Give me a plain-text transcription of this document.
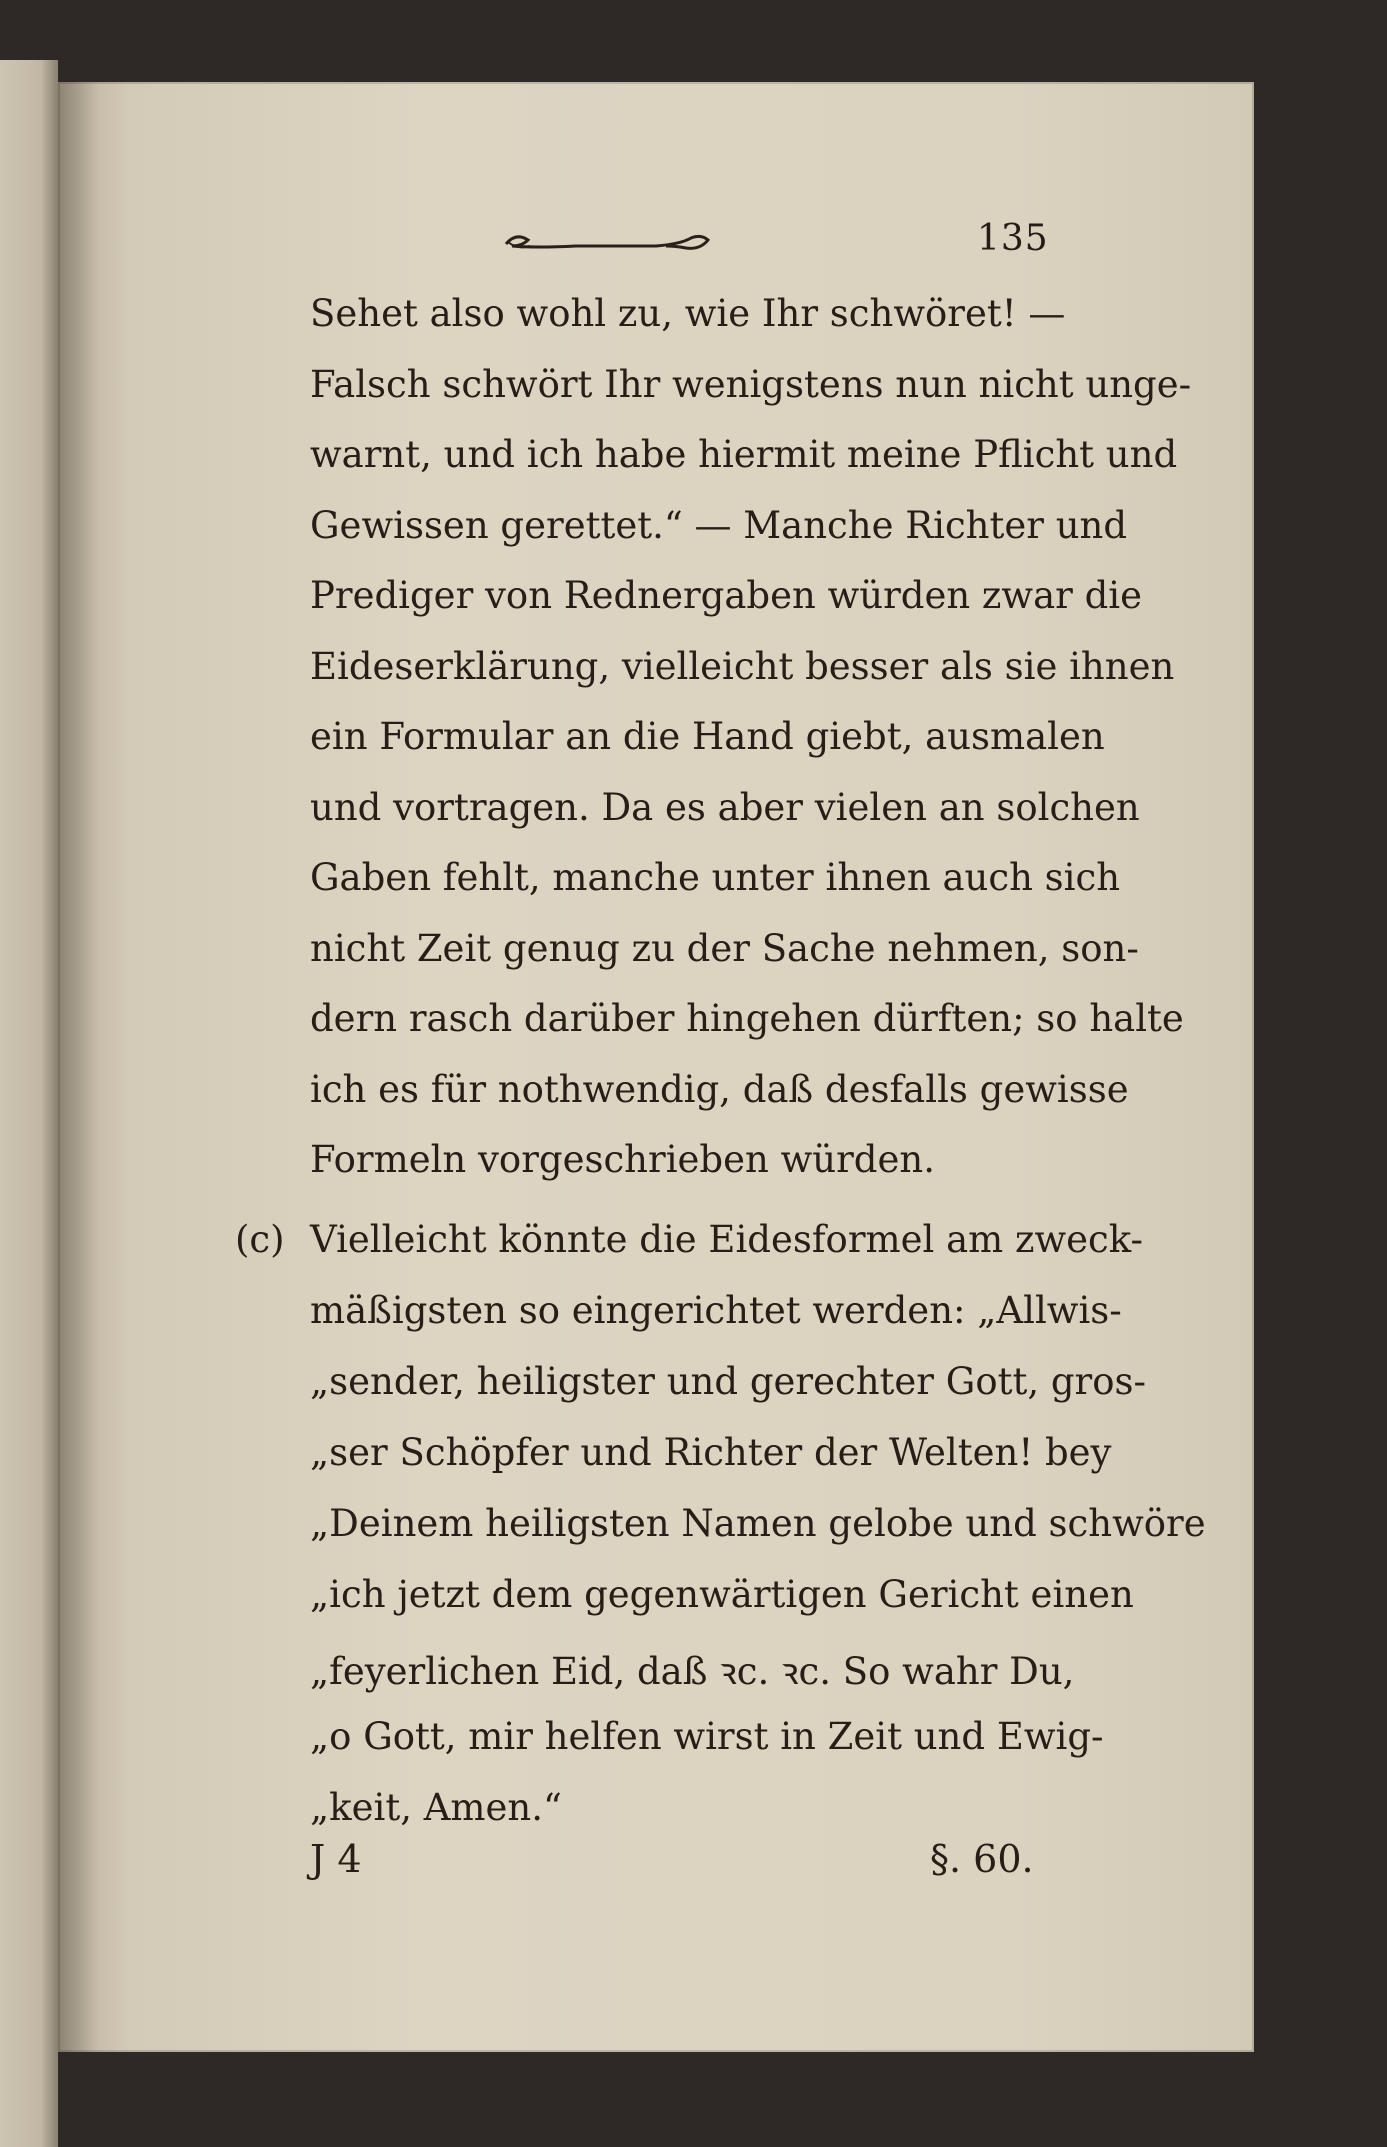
135
Sehet also wohl zu, wie Ihr schwöret! —
Falsch schwört Ihr wenigstens nun nicht unge-
warnt, und ich habe hiermit meine Pflicht und
Gewissen gerettet.“ — Manche Richter und
Prediger von Rednergaben würden zwar die
Eideserklärung, vielleicht besser als sie ihnen
ein Formular an die Hand giebt, ausmalen
und vortragen. Da es aber vielen an solchen
Gaben fehlt, manche unter ihnen auch sich
nicht Zeit genug zu der Sache nehmen, son-
dern rasch darüber hingehen dürften; so halte
ich es für nothwendig, daß desfalls gewisse
Formeln vorgeschrieben würden.
(c) Vielleicht könnte die Eidesformel am zweck-
mäßigsten so eingerichtet werden: „Allwis-
„sender, heiligster und gerechter Gott, gros-
„ser Schöpfer und Richter der Welten! bey
„Deinem heiligsten Namen gelobe und schwöre
„ich jetzt dem gegenwärtigen Gericht einen
„feyerlichen Eid, daß ꝛc. ꝛc. So wahr Du,
„o Gott, mir helfen wirst in Zeit und Ewig-
„keit, Amen.“
J 4	§. 60.
